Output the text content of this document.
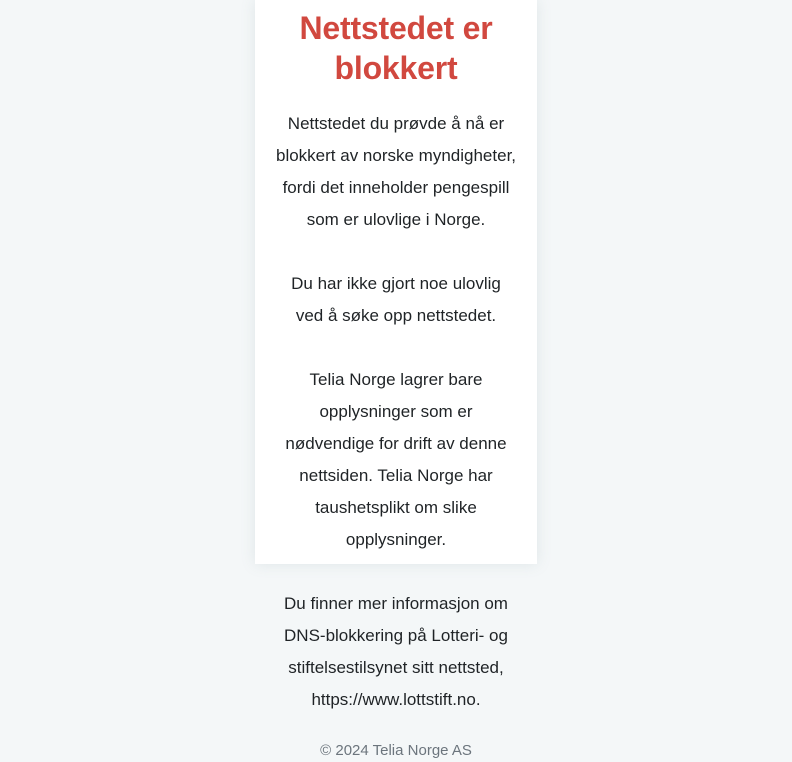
Nettstedet er blokkert

Nettstedet du prøvde å nå er blokkert av norske myndigheter, fordi det inneholder pengespill som er ulovlige i Norge.

Du har ikke gjort noe ulovlig ved å søke opp nettstedet.

Telia Norge lagrer bare opplysninger som er nødvendige for drift av denne nettsiden. Telia Norge har taushetsplikt om slike opplysninger.

Du finner mer informasjon om DNS-blokkering på Lotteri- og stiftelsestilsynet sitt nettsted, https://www.lottstift.no.

© 2024 Telia Norge AS
